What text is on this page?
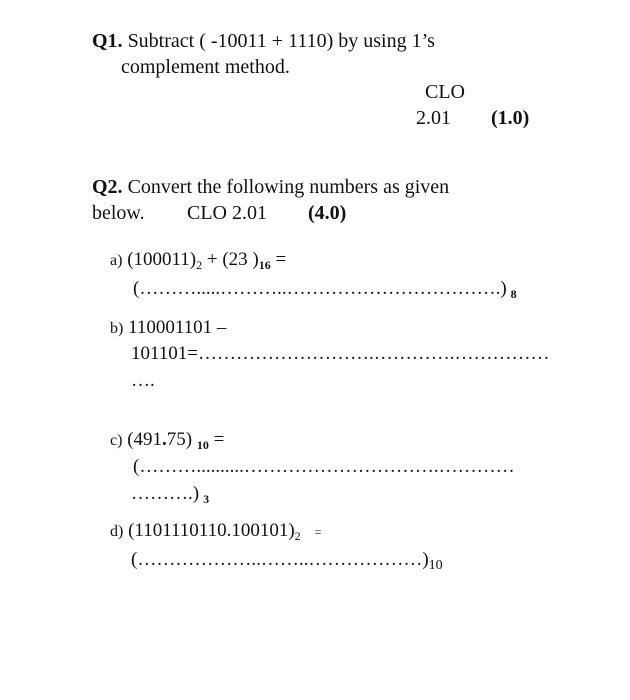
Q1. Subtract ( -10011 + 1110) by using 1’s
complement method.
CLO
2.01 (1.0)
Q2. Convert the following numbers as given
below. CLO 2.01 (4.0)
a) $(100011)_2 + (23$ )$_{16}$ =
(……….....………..…………………………….) $_8$
b) 110001101 –
101101=……………………….………….……………
….
c) (491.75) $_{10}$ =
(………..........………………………….…………
……….) $_3$
d) $(1101110110.100101)_2$ =
$(\dots\dots\dots\dots\dots\dots..\dots\dots..\dots\dots\dots\dots\dots\dots)_{10}$
